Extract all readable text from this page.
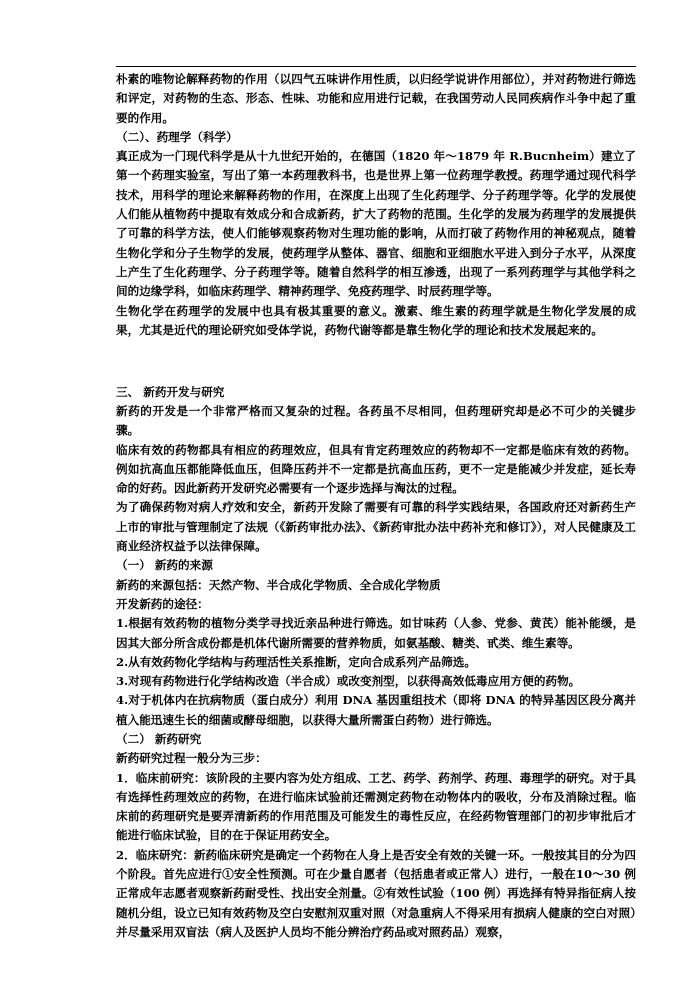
朴素的唯物论解释药物的作用（以四气五味讲作用性质，以归经学说讲作用部位），并对药物进行筛选和评定，对药物的生态、形态、性味、功能和应用进行记载，在我国劳动人民同疾病作斗争中起了重要的作用。

（二）、药理学（科学）

真正成为一门现代科学是从十九世纪开始的，在德国（1820 年～1879 年 R.Bucnheim）建立了第一个药理实验室，写出了第一本药理教科书，也是世界上第一位药理学教授。药理学通过现代科学技术，用科学的理论来解释药物的作用，在深度上出现了生化药理学、分子药理学等。化学的发展使人们能从植物药中提取有效成分和合成新药，扩大了药物的范围。生化学的发展为药理学的发展提供了可靠的科学方法，使人们能够观察药物对生理功能的影响，从而打破了药物作用的神秘观点，随着生物化学和分子生物学的发展，使药理学从整体、器官、细胞和亚细胞水平进入到分子水平，从深度上产生了生化药理学、分子药理学等。随着自然科学的相互渗透，出现了一系列药理学与其他学科之间的边缘学科，如临床药理学、精神药理学、免疫药理学、时辰药理学等。

生物化学在药理学的发展中也具有极其重要的意义。激素、维生素的药理学就是生物化学发展的成果，尤其是近代的理论研究如受体学说，药物代谢等都是靠生物化学的理论和技术发展起来的。

三、 新药开发与研究

新药的开发是一个非常严格而又复杂的过程。各药虽不尽相同，但药理研究却是必不可少的关键步骤。

临床有效的药物都具有相应的药理效应，但具有肯定药理效应的药物却不一定都是临床有效的药物。例如抗高血压都能降低血压，但降压药并不一定都是抗高血压药，更不一定是能减少并发症，延长寿命的好药。因此新药开发研究必需要有一个逐步选择与淘汰的过程。

为了确保药物对病人疗效和安全，新药开发除了需要有可靠的科学实践结果，各国政府还对新药生产上市的审批与管理制定了法规（《新药审批办法》、《新药审批办法中药补充和修订》），对人民健康及工商业经济权益予以法律保障。

（一） 新药的来源

新药的来源包括：天然产物、半合成化学物质、全合成化学物质

开发新药的途径：

1.根据有效药物的植物分类学寻找近亲品种进行筛选。如甘味药（人参、党参、黄芪）能补能缓，是因其大部分所含成份都是机体代谢所需要的营养物质，如氨基酸、糖类、甙类、维生素等。

2.从有效药物化学结构与药理活性关系推断，定向合成系列产品筛选。

3.对现有药物进行化学结构改造（半合成）或改变剂型，以获得高效低毒应用方便的药物。

4.对于机体内在抗病物质（蛋白成分）利用 DNA 基因重组技术（即将 DNA 的特异基因区段分离并植入能迅速生长的细菌或酵母细胞，以获得大量所需蛋白药物）进行筛选。

（二） 新药研究

新药研究过程一般分为三步：

1．临床前研究：该阶段的主要内容为处方组成、工艺、药学、药剂学、药理、毒理学的研究。对于具有选择性药理效应的药物，在进行临床试验前还需测定药物在动物体内的吸收，分布及消除过程。临床前的药理研究是要弄清新药的作用范围及可能发生的毒性反应，在经药物管理部门的初步审批后才能进行临床试验，目的在于保证用药安全。

2．临床研究：新药临床研究是确定一个药物在人身上是否安全有效的关键一环。一般按其目的分为四个阶段。首先应进行①安全性预测。可在少量自愿者（包括患者或正常人）进行，一般在10～30 例正常成年志愿者观察新药耐受性、找出安全剂量。②有效性试验（100 例）再选择有特异指征病人按随机分组，设立已知有效药物及空白安慰剂双重对照（对急重病人不得采用有损病人健康的空白对照）并尽量采用双盲法（病人及医护人员均不能分辨治疗药品或对照药品）观察，
